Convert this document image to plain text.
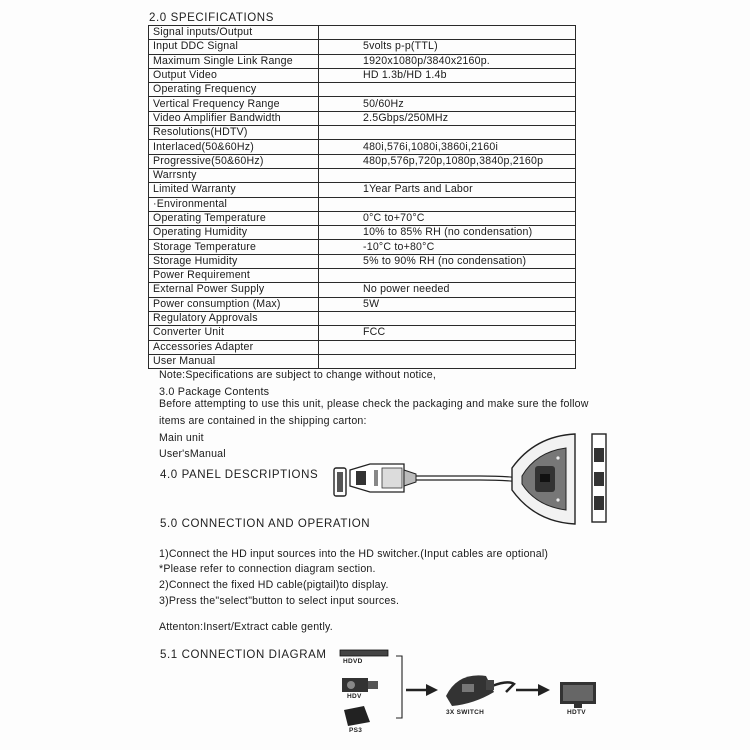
2.0 SPECIFICATIONS
Signal inputs/Output	
Input DDC Signal	5volts p-p(TTL)
Maximum Single Link Range	1920x1080p/3840x2160p.
Output Video	HD 1.3b/HD 1.4b
Operating Frequency	
Vertical Frequency Range	50/60Hz
Video Amplifier Bandwidth	2.5Gbps/250MHz
Resolutions(HDTV)	
Interlaced(50&60Hz)	480i,576i,1080i,3860i,2160i
Progressive(50&60Hz)	480p,576p,720p,1080p,3840p,2160p
Warrsnty	
Limited Warranty	1Year Parts and Labor
·Environmental	
Operating Temperature	0°C to+70°C
Operating Humidity	10% to 85% RH (no condensation)
Storage Temperature	-10°C to+80°C
Storage Humidity	5% to 90% RH (no condensation)
Power Requirement	
External Power Supply	No power needed
Power consumption (Max)	5W
Regulatory Approvals	
Converter Unit	FCC
Accessories Adapter	
User Manual	
Note:Specifications are subject to change without notice,
3.0 Package Contents
Before attempting to use this unit, please check the packaging and make sure the follow
items are contained in the shipping carton:
Main unit
User'sManual
4.0 PANEL DESCRIPTIONS
5.0 CONNECTION AND OPERATION
1)Connect the HD input sources into the HD switcher.(Input cables are optional)
*Please refer to connection diagram section.
2)Connect the fixed HD cable(pigtail)to display.
3)Press the"select"button to select input sources.
Attenton:Insert/Extract cable gently.
5.1 CONNECTION DIAGRAM
HDVD
HDV
PS3
3X SWITCH	HDTV
